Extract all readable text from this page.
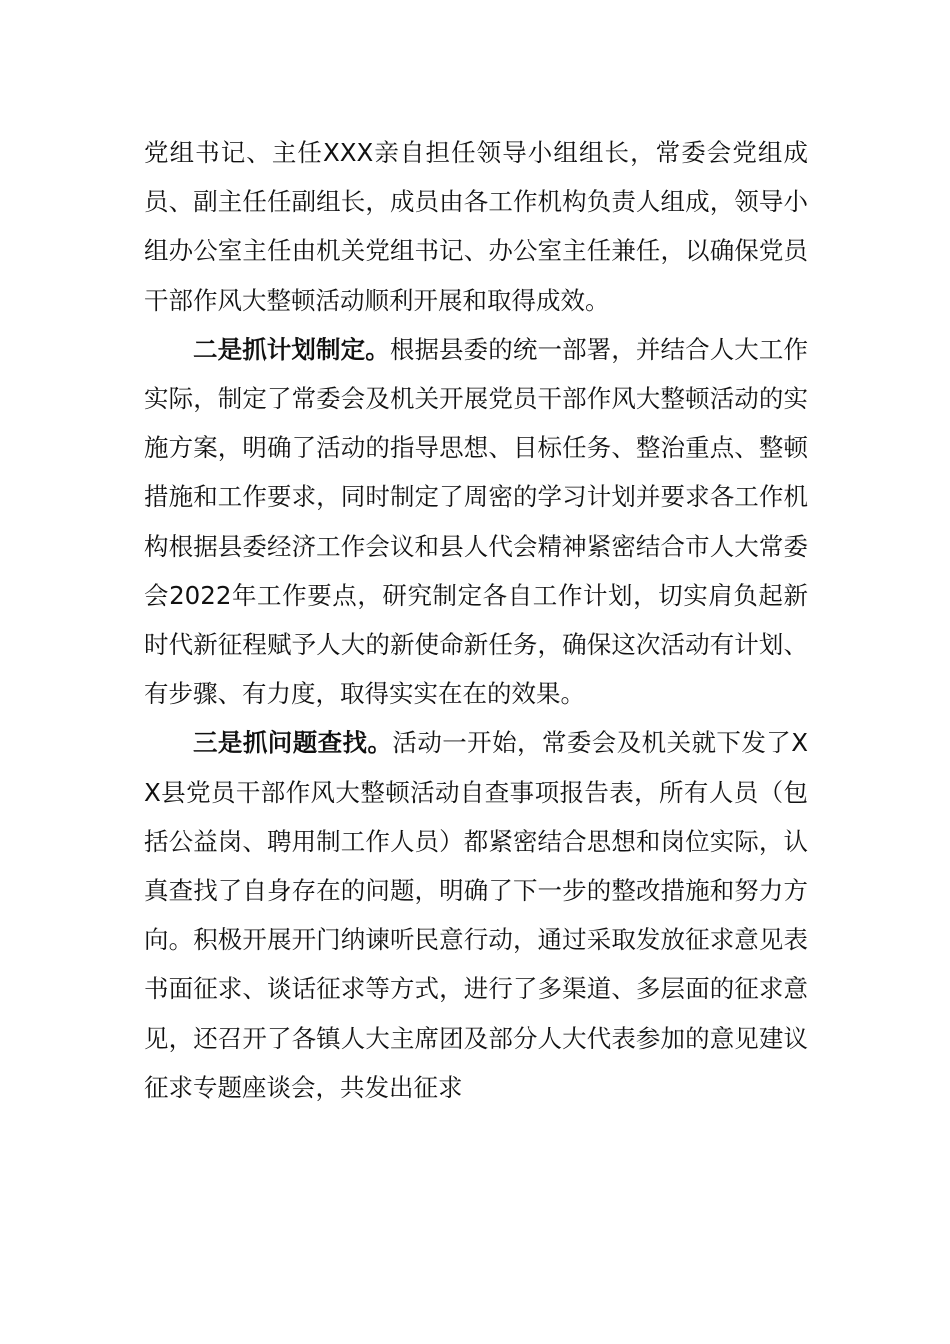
党组书记、主任XXX亲自担任领导小组组长，常委会党组成员、副主任任副组长，成员由各工作机构负责人组成，领导小组办公室主任由机关党组书记、办公室主任兼任，以确保党员干部作风大整顿活动顺利开展和取得成效。

二是抓计划制定。根据县委的统一部署，并结合人大工作实际，制定了常委会及机关开展党员干部作风大整顿活动的实施方案，明确了活动的指导思想、目标任务、整治重点、整顿措施和工作要求，同时制定了周密的学习计划并要求各工作机构根据县委经济工作会议和县人代会精神紧密结合市人大常委会2022年工作要点，研究制定各自工作计划，切实肩负起新时代新征程赋予人大的新使命新任务，确保这次活动有计划、有步骤、有力度，取得实实在在的效果。

三是抓问题查找。活动一开始，常委会及机关就下发了XX县党员干部作风大整顿活动自查事项报告表，所有人员（包括公益岗、聘用制工作人员）都紧密结合思想和岗位实际，认真查找了自身存在的问题，明确了下一步的整改措施和努力方向。积极开展开门纳谏听民意行动，通过采取发放征求意见表书面征求、谈话征求等方式，进行了多渠道、多层面的征求意见，还召开了各镇人大主席团及部分人大代表参加的意见建议征求专题座谈会，共发出征求
